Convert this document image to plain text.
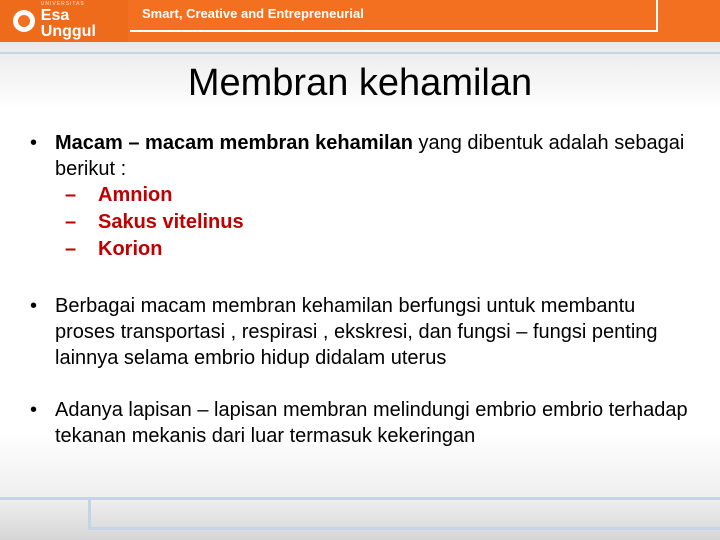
UNIVERSITAS
Esa Unggul
Smart, Creative and Entrepreneurial
Membran kehamilan
• Macam – macam membran kehamilan yang dibentuk adalah sebagai berikut :
– Amnion
– Sakus vitelinus
– Korion
• Berbagai macam membran kehamilan berfungsi untuk membantu proses transportasi , respirasi , ekskresi, dan fungsi – fungsi penting lainnya selama embrio hidup didalam uterus
• Adanya lapisan – lapisan membran melindungi embrio embrio terhadap tekanan mekanis dari luar termasuk kekeringan
